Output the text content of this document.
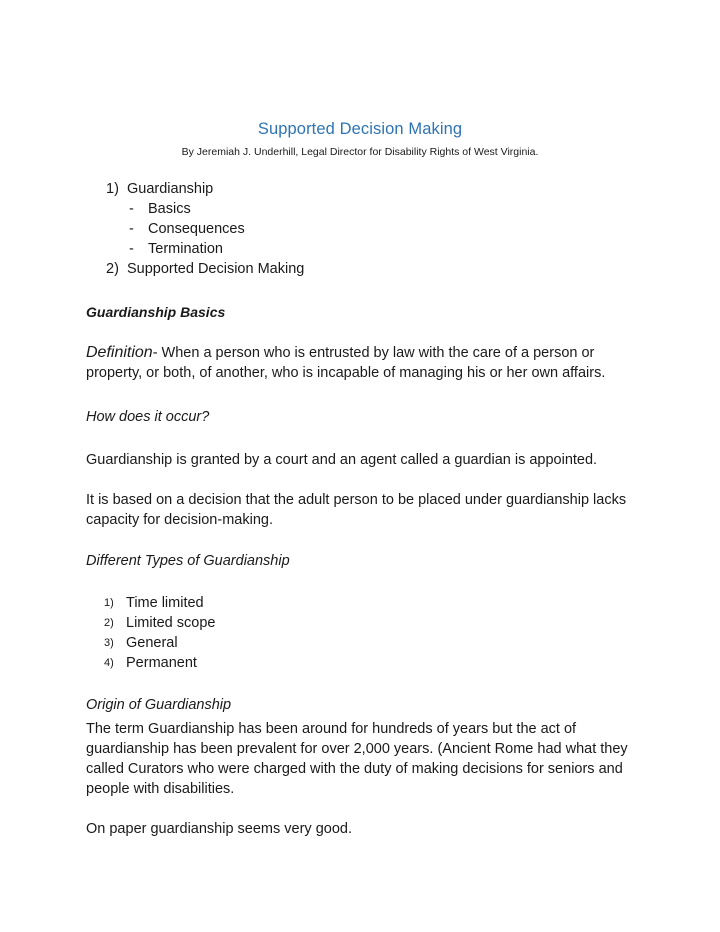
Supported Decision Making
By Jeremiah J. Underhill, Legal Director for Disability Rights of West Virginia.
1) Guardianship
- Basics
- Consequences
- Termination
2) Supported Decision Making
Guardianship Basics
Definition- When a person who is entrusted by law with the care of a person or property, or both, of another, who is incapable of managing his or her own affairs.
How does it occur?
Guardianship is granted by a court and an agent called a guardian is appointed.
It is based on a decision that the adult person to be placed under guardianship lacks capacity for decision-making.
Different Types of Guardianship
1) Time limited
2) Limited scope
3) General
4) Permanent
Origin of Guardianship
The term Guardianship has been around for hundreds of years but the act of guardianship has been prevalent for over 2,000 years. (Ancient Rome had what they called Curators who were charged with the duty of making decisions for seniors and people with disabilities.
On paper guardianship seems very good.
